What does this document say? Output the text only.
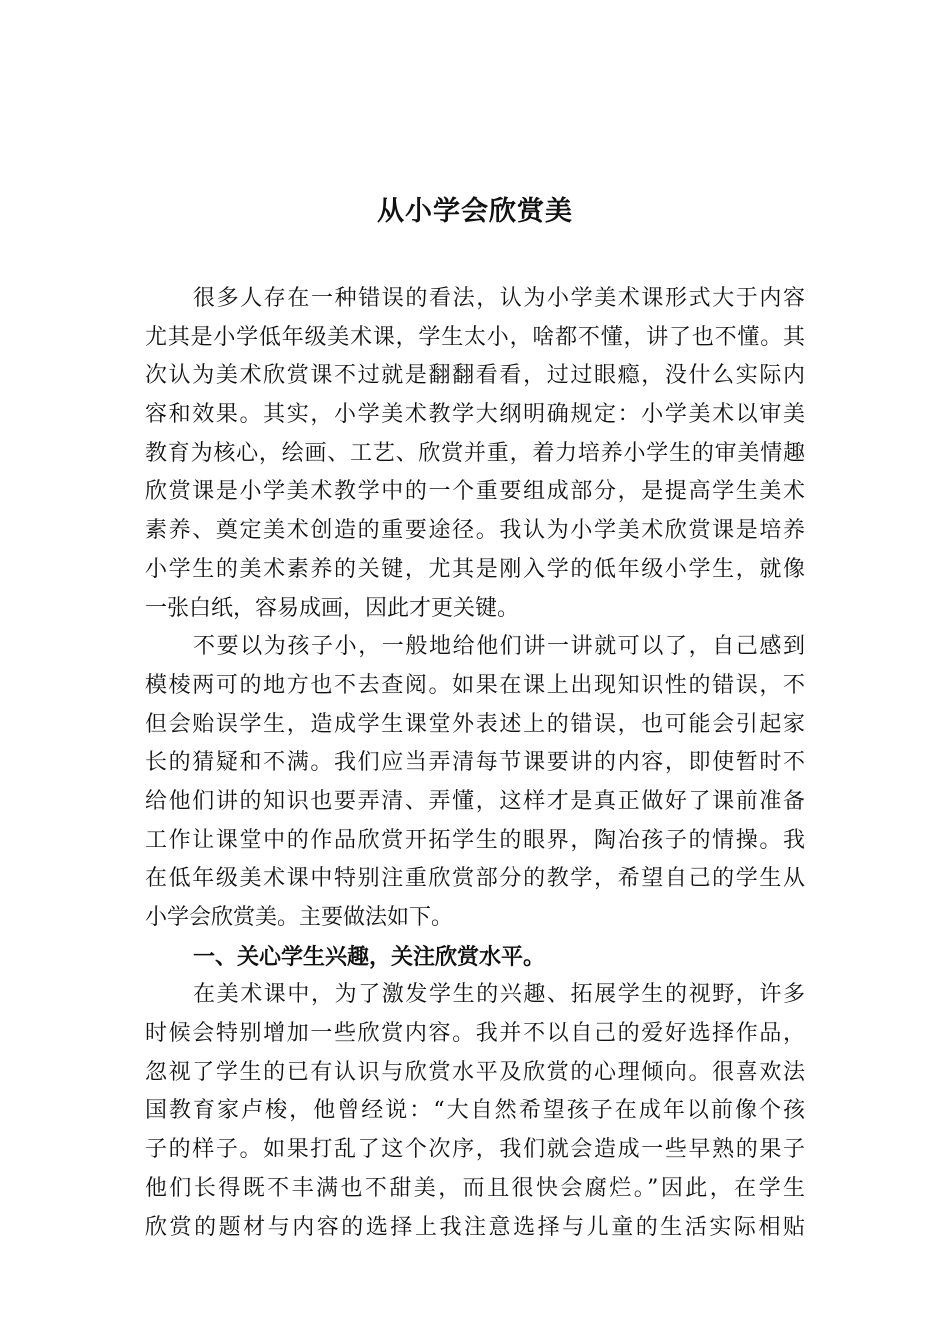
从小学会欣赏美
很多人存在一种错误的看法，认为小学美术课形式大于内容
尤其是小学低年级美术课，学生太小，啥都不懂，讲了也不懂。其
次认为美术欣赏课不过就是翻翻看看，过过眼瘾，没什么实际内
容和效果。其实，小学美术教学大纲明确规定：小学美术以审美
教育为核心，绘画、工艺、欣赏并重，着力培养小学生的审美情趣
欣赏课是小学美术教学中的一个重要组成部分，是提高学生美术
素养、奠定美术创造的重要途径。我认为小学美术欣赏课是培养
小学生的美术素养的关键，尤其是刚入学的低年级小学生，就像
一张白纸，容易成画，因此才更关键。
不要以为孩子小，一般地给他们讲一讲就可以了，自己感到
模棱两可的地方也不去查阅。如果在课上出现知识性的错误，不
但会贻误学生，造成学生课堂外表述上的错误，也可能会引起家
长的猜疑和不满。我们应当弄清每节课要讲的内容，即使暂时不
给他们讲的知识也要弄清、弄懂，这样才是真正做好了课前准备
工作让课堂中的作品欣赏开拓学生的眼界，陶冶孩子的情操。我
在低年级美术课中特别注重欣赏部分的教学，希望自己的学生从
小学会欣赏美。主要做法如下。
一、关心学生兴趣，关注欣赏水平。
在美术课中，为了激发学生的兴趣、拓展学生的视野，许多
时候会特别增加一些欣赏内容。我并不以自己的爱好选择作品，
忽视了学生的已有认识与欣赏水平及欣赏的心理倾向。很喜欢法
国教育家卢梭，他曾经说：“大自然希望孩子在成年以前像个孩
子的样子。如果打乱了这个次序，我们就会造成一些早熟的果子
他们长得既不丰满也不甜美，而且很快会腐烂。”因此，在学生
欣赏的题材与内容的选择上我注意选择与儿童的生活实际相贴
